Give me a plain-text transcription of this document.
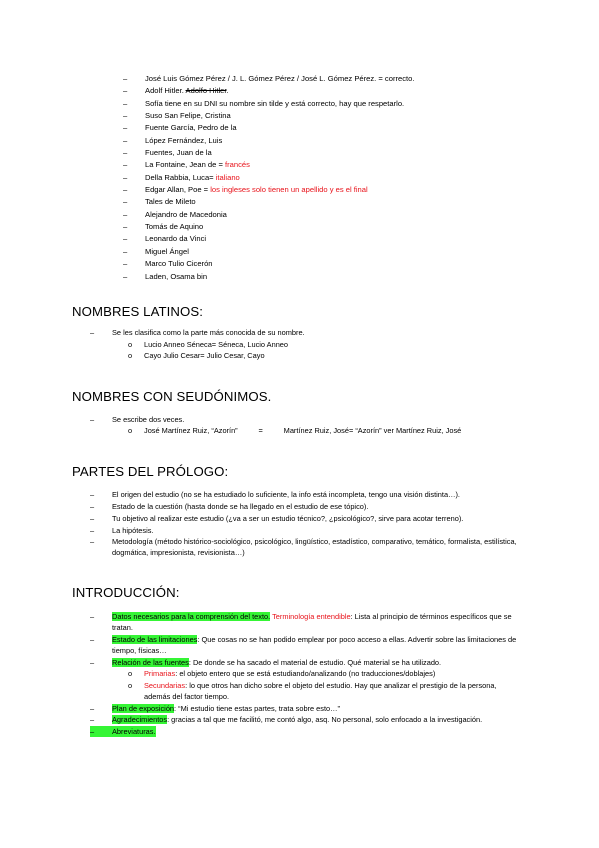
– José Luis Gómez Pérez / J. L. Gómez Pérez / José L. Gómez Pérez. = correcto.
– Adolf Hitler. Adolfo Hitler.
– Sofía tiene en su DNI su nombre sin tilde y está correcto, hay que respetarlo.
– Suso San Felipe, Cristina
– Fuente García, Pedro de la
– López Fernández, Luis
– Fuentes, Juan de la
– La Fontaine, Jean de = francés
– Della Rabbia, Luca= italiano
– Edgar Allan, Poe = los ingleses solo tienen un apellido y es el final
– Tales de Mileto
– Alejandro de Macedonia
– Tomás de Aquino
– Leonardo da Vinci
– Miguel Ángel
– Marco Tulio Cicerón
– Laden, Osama bin
NOMBRES LATINOS:
– Se les clasifica como la parte más conocida de su nombre.
o Lucio Anneo Séneca= Séneca, Lucio Anneo
o Cayo Julio Cesar= Julio Cesar, Cayo
NOMBRES CON SEUDÓNIMOS.
– Se escribe dos veces.
o José Martínez Ruiz, “Azorín”	=	Martínez Ruiz, José= “Azorín” ver Martínez Ruiz, José
PARTES DEL PRÓLOGO:
– El origen del estudio (no se ha estudiado lo suficiente, la info está incompleta, tengo una visión distinta…).
– Estado de la cuestión (hasta donde se ha llegado en el estudio de ese tópico).
– Tu objetivo al realizar este estudio (¿va a ser un estudio técnico?, ¿psicológico?, sirve para acotar terreno).
– La hipótesis.
–	Metodología (método histórico-sociológico, psicológico, lingüístico, estadístico, comparativo, temático, formalista, estilística, dogmática, impresionista, revisionista…)
INTRODUCCIÓN:
–	Datos necesarios para la comprensión del texto. Terminología entendible: Lista al principio de términos específicos que se tratan.
–	Estado de las limitaciones: Que cosas no se han podido emplear por poco acceso a ellas. Advertir sobre las limitaciones de tiempo, físicas…
–	Relación de las fuentes: De donde se ha sacado el material de estudio. Qué material se ha utilizado.
o	Primarias: el objeto entero que se está estudiando/analizando (no traducciones/doblajes)
o	Secundarias: lo que otros han dicho sobre el objeto del estudio. Hay que analizar el prestigio de la persona, además del factor tiempo.
–	Plan de exposición: “Mi estudio tiene estas partes, trata sobre esto…”
–	Agradecimientos: gracias a tal que me facilitó, me contó algo, asq. No personal, solo enfocado a la investigación.
–	Abreviaturas.
